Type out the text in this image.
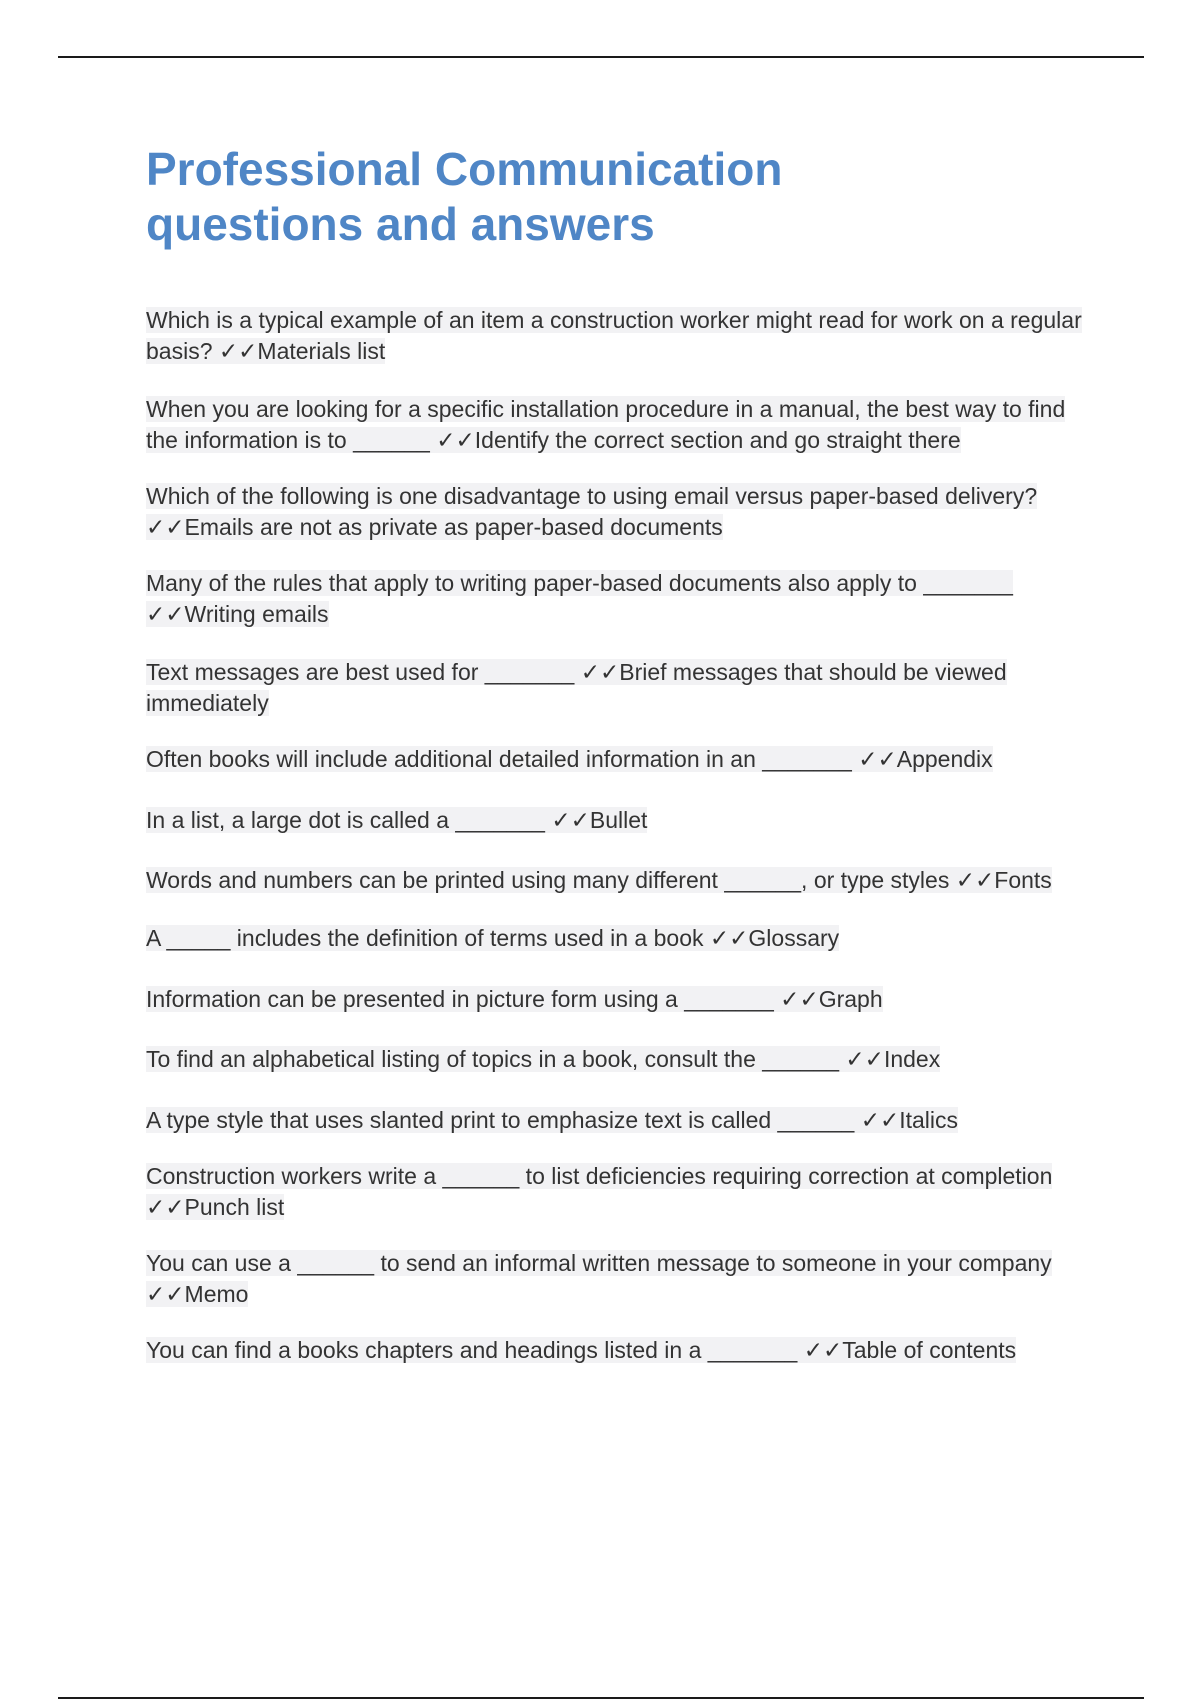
Professional Communication questions and answers
Which is a typical example of an item a construction worker might read for work on a regular basis? ✓✓Materials list
When you are looking for a specific installation procedure in a manual, the best way to find the information is to ______ ✓✓Identify the correct section and go straight there
Which of the following is one disadvantage to using email versus paper-based delivery? ✓✓Emails are not as private as paper-based documents
Many of the rules that apply to writing paper-based documents also apply to _______ ✓✓Writing emails
Text messages are best used for _______ ✓✓Brief messages that should be viewed immediately
Often books will include additional detailed information in an _______ ✓✓Appendix
In a list, a large dot is called a _______ ✓✓Bullet
Words and numbers can be printed using many different ______, or type styles ✓✓Fonts
A _____ includes the definition of terms used in a book ✓✓Glossary
Information can be presented in picture form using a _______ ✓✓Graph
To find an alphabetical listing of topics in a book, consult the ______ ✓✓Index
A type style that uses slanted print to emphasize text is called ______ ✓✓Italics
Construction workers write a ______ to list deficiencies requiring correction at completion ✓✓Punch list
You can use a ______ to send an informal written message to someone in your company ✓✓Memo
You can find a books chapters and headings listed in a _______ ✓✓Table of contents
